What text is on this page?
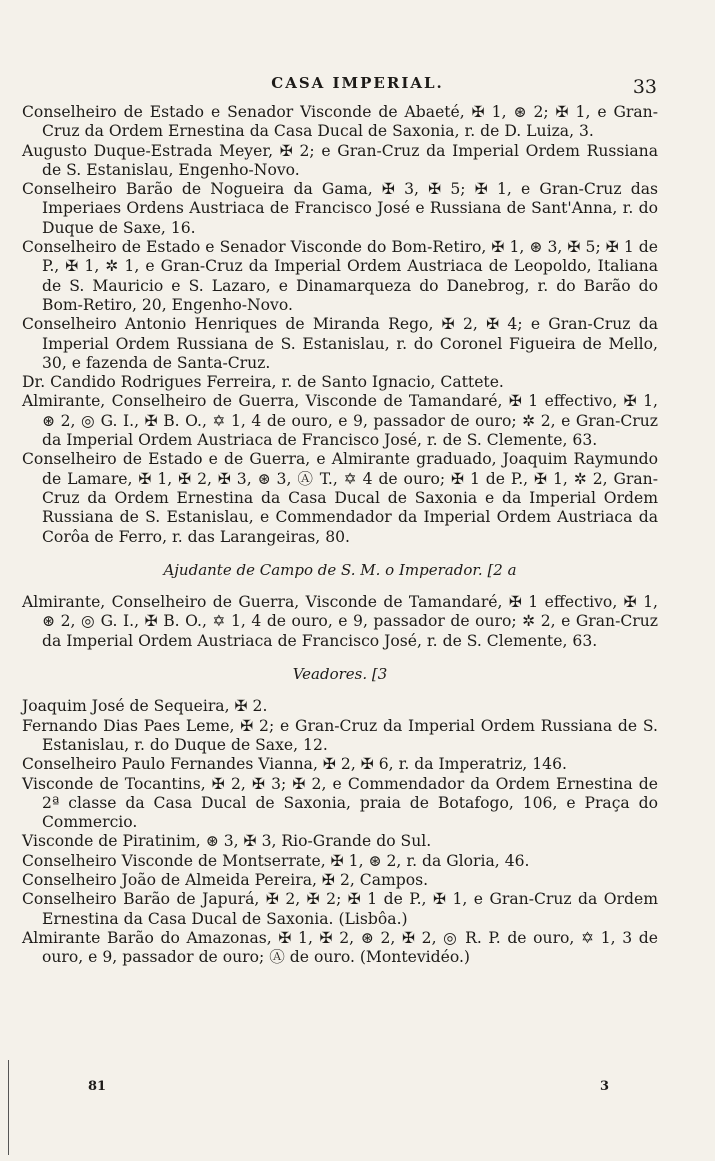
CASA IMPERIAL.	33

Conselheiro de Estado e Senador Visconde de Abaeté, ✠ 1, ⊛ 2; ✠ 1, e Gran-Cruz da Ordem Ernestina da Casa Ducal de Saxonia, r. de D. Luiza, 3.

Augusto Duque-Estrada Meyer, ✠ 2; e Gran-Cruz da Imperial Ordem Russiana de S. Estanislau, Engenho-Novo.

Conselheiro Barão de Nogueira da Gama, ✠ 3, ✠ 5; ✠ 1, e Gran-Cruz das Imperiaes Ordens Austriaca de Francisco José e Russiana de Sant'Anna, r. do Duque de Saxe, 16.

Conselheiro de Estado e Senador Visconde do Bom-Retiro, ✠ 1, ⊛ 3, ✠ 5; ✠ 1 de P., ✠ 1, ✲ 1, e Gran-Cruz da Imperial Ordem Austriaca de Leopoldo, Italiana de S. Mauricio e S. Lazaro, e Dinamarqueza do Danebrog, r. do Barão do Bom-Retiro, 20, Engenho-Novo.

Conselheiro Antonio Henriques de Miranda Rego, ✠ 2, ✠ 4; e Gran-Cruz da Imperial Ordem Russiana de S. Estanislau, r. do Coronel Figueira de Mello, 30, e fazenda de Santa-Cruz.

Dr. Candido Rodrigues Ferreira, r. de Santo Ignacio, Cattete.

Almirante, Conselheiro de Guerra, Visconde de Tamandaré, ✠ 1 effectivo, ✠ 1, ⊛ 2, ◎ G. I., ✠ B. O., ✡ 1, 4 de ouro, e 9, passador de ouro; ✲ 2, e Gran-Cruz da Imperial Ordem Austriaca de Francisco José, r. de S. Clemente, 63.

Conselheiro de Estado e de Guerra, e Almirante graduado, Joaquim Raymundo de Lamare, ✠ 1, ✠ 2, ✠ 3, ⊛ 3, Ⓐ T., ✡ 4 de ouro; ✠ 1 de P., ✠ 1, ✲ 2, Gran-Cruz da Ordem Ernestina da Casa Ducal de Saxonia e da Imperial Ordem Russiana de S. Estanislau, e Commendador da Imperial Ordem Austriaca da Corôa de Ferro, r. das Larangeiras, 80.

Ajudante de Campo de S. M. o Imperador. [2 a

Almirante, Conselheiro de Guerra, Visconde de Tamandaré, ✠ 1 effectivo, ✠ 1, ⊛ 2, ◎ G. I., ✠ B. O., ✡ 1, 4 de ouro, e 9, passador de ouro; ✲ 2, e Gran-Cruz da Imperial Ordem Austriaca de Francisco José, r. de S. Clemente, 63.

Veadores. [3

Joaquim José de Sequeira, ✠ 2.

Fernando Dias Paes Leme, ✠ 2; e Gran-Cruz da Imperial Ordem Russiana de S. Estanislau, r. do Duque de Saxe, 12.

Conselheiro Paulo Fernandes Vianna, ✠ 2, ✠ 6, r. da Imperatriz, 146.

Visconde de Tocantins, ✠ 2, ✠ 3; ✠ 2, e Commendador da Ordem Ernestina de 2ª classe da Casa Ducal de Saxonia, praia de Botafogo, 106, e Praça do Commercio.

Visconde de Piratinim, ⊛ 3, ✠ 3, Rio-Grande do Sul.

Conselheiro Visconde de Montserrate, ✠ 1, ⊛ 2, r. da Gloria, 46.

Conselheiro João de Almeida Pereira, ✠ 2, Campos.

Conselheiro Barão de Japurá, ✠ 2, ✠ 2; ✠ 1 de P., ✠ 1, e Gran-Cruz da Ordem Ernestina da Casa Ducal de Saxonia. (Lisbôa.)

Almirante Barão do Amazonas, ✠ 1, ✠ 2, ⊛ 2, ✠ 2, ◎ R. P. de ouro, ✡ 1, 3 de ouro, e 9, passador de ouro; Ⓐ de ouro. (Montevidéo.)

81	3
